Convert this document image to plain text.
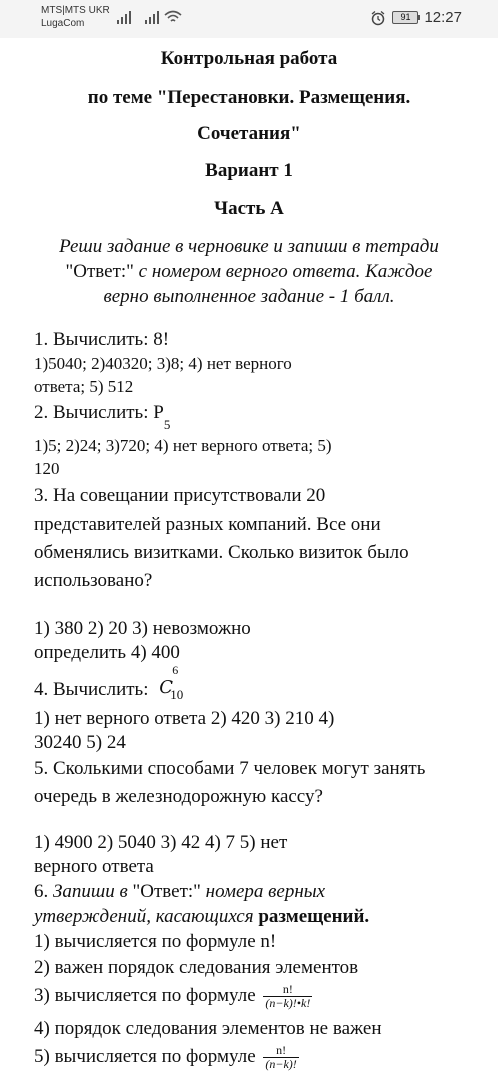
MTS|MTS UKR
LugaCom
91 12:27
Контрольная работа
по теме "Перестановки. Размещения.
Сочетания"
Вариант 1
Часть А
Реши задание в черновике и запиши в тетради
"Ответ:" с номером верного ответа. Каждое
верно выполненное задание - 1 балл.
1. Вычислить: 8!
1)5040; 2)40320; 3)8; 4) нет верного
ответа; 5) 512
2. Вычислить: $P_5$
1)5; 2)24; 3)720; 4) нет верного ответа; 5)
120
3. На совещании присутствовали 20
представителей разных компаний. Все они
обменялись визитками. Сколько визиток было
использовано?
1) 380 2) 20 3) невозможно
определить 4) 400
4. Вычислить: C
6
10
1) нет верного ответа 2) 420 3) 210 4)
30240 5) 24
5. Сколькими способами 7 человек могут занять
очередь в железнодорожную кассу?
1) 4900 2) 5040 3) 42 4) 7 5) нет
верного ответа
6. Запиши в "Ответ:" номера верных
утверждений, касающихся размещений.
1) вычисляется по формуле n!
2) важен порядок следования элементов
3) вычисляется по формуле $\frac{n!}{(n-k)!•k!}$
4) порядок следования элементов не важен
5) вычисляется по формуле $\frac{n!}{(n-k)!}$
